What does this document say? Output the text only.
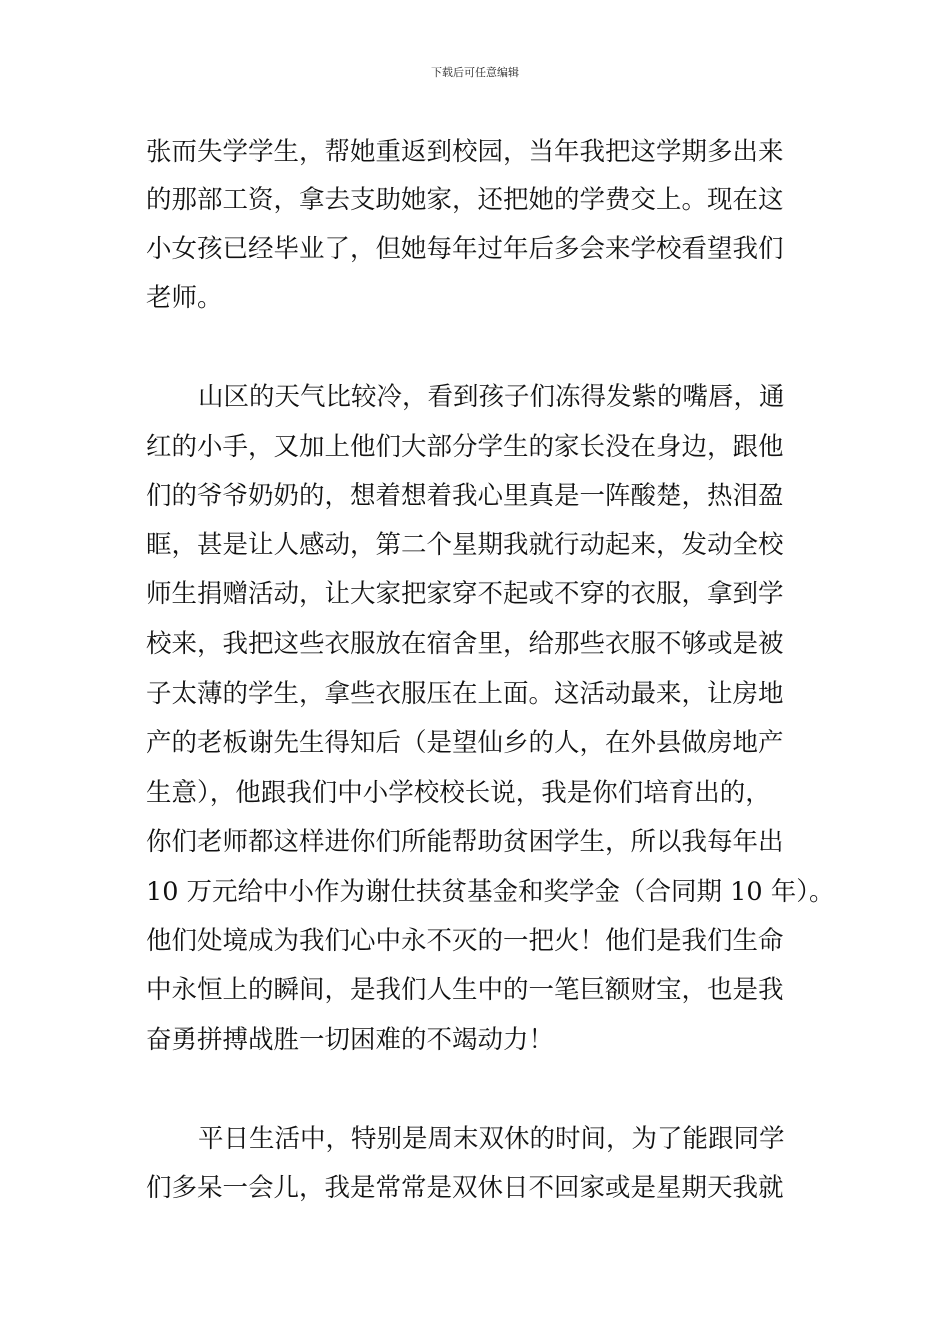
下载后可任意编辑
张而失学学生，帮她重返到校园，当年我把这学期多出来
的那部工资，拿去支助她家，还把她的学费交上。现在这
小女孩已经毕业了，但她每年过年后多会来学校看望我们
老师。
山区的天气比较冷，看到孩子们冻得发紫的嘴唇，通
红的小手，又加上他们大部分学生的家长没在身边，跟他
们的爷爷奶奶的，想着想着我心里真是一阵酸楚，热泪盈
眶，甚是让人感动，第二个星期我就行动起来，发动全校
师生捐赠活动，让大家把家穿不起或不穿的衣服，拿到学
校来，我把这些衣服放在宿舍里，给那些衣服不够或是被
子太薄的学生，拿些衣服压在上面。这活动最来，让房地
产的老板谢先生得知后（是望仙乡的人，在外县做房地产
生意），他跟我们中小学校校长说，我是你们培育出的，
你们老师都这样进你们所能帮助贫困学生，所以我每年出
10 万元给中小作为谢仕扶贫基金和奖学金（合同期 10 年）。
他们处境成为我们心中永不灭的一把火！他们是我们生命
中永恒上的瞬间，是我们人生中的一笔巨额财宝，也是我
奋勇拼搏战胜一切困难的不竭动力！
平日生活中，特别是周末双休的时间，为了能跟同学
们多呆一会儿，我是常常是双休日不回家或是星期天我就
